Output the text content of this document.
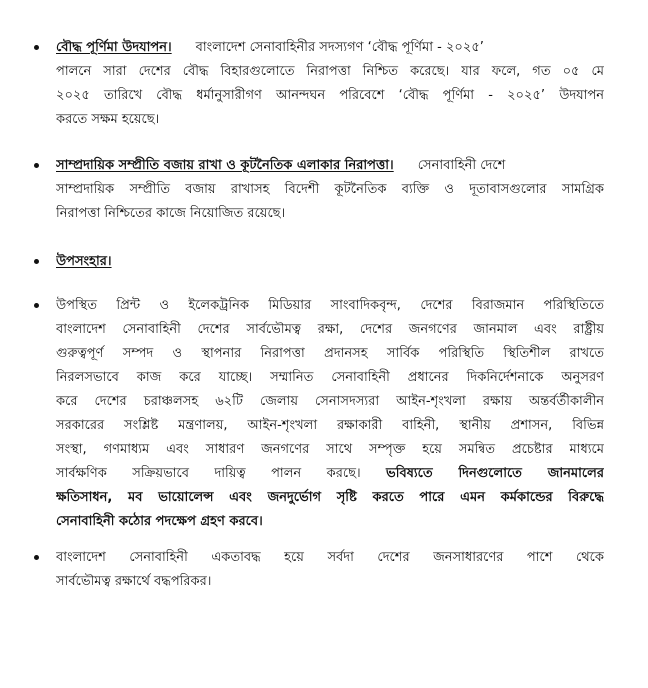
বৌদ্ধ পূর্ণিমা উদযাপন। বাংলাদেশ সেনাবাহিনীর সদস্যগণ ‘বৌদ্ধ পূর্ণিমা - ২০২৫’
পালনে সারা দেশের বৌদ্ধ বিহারগুলোতে নিরাপত্তা নিশ্চিত করেছে। যার ফলে, গত ০৫ মে
২০২৫ তারিখে বৌদ্ধ ধর্মানুসারীগণ আনন্দঘন পরিবেশে ‘বৌদ্ধ পূর্ণিমা - ২০২৫’ উদযাপন
করতে সক্ষম হয়েছে।
সাম্প্রদায়িক সম্প্রীতি বজায় রাখা ও কূটনৈতিক এলাকার নিরাপত্তা। সেনাবাহিনী দেশে
সাম্প্রদায়িক সম্প্রীতি বজায় রাখাসহ বিদেশী কূটনৈতিক ব্যক্তি ও দূতাবাসগুলোর সামগ্রিক
নিরাপত্তা নিশ্চিতের কাজে নিয়োজিত রয়েছে।
উপসংহার।
উপস্থিত প্রিন্ট ও ইলেকট্রনিক মিডিয়ার সাংবাদিকবৃন্দ, দেশের বিরাজমান পরিস্থিতিতে
বাংলাদেশ সেনাবাহিনী দেশের সার্বভৌমত্ব রক্ষা, দেশের জনগণের জানমাল এবং রাষ্ট্রীয়
গুরুত্বপূর্ণ সম্পদ ও স্থাপনার নিরাপত্তা প্রদানসহ সার্বিক পরিস্থিতি স্থিতিশীল রাখতে
নিরলসভাবে কাজ করে যাচ্ছে। সম্মানিত সেনাবাহিনী প্রধানের দিকনির্দেশনাকে অনুসরণ
করে দেশের চরাঞ্চলসহ ৬২টি জেলায় সেনাসদস্যরা আইন-শৃংখলা রক্ষায় অন্তর্বর্তীকালীন
সরকারের সংশ্লিষ্ট মন্ত্রণালয়, আইন-শৃংখলা রক্ষাকারী বাহিনী, স্থানীয় প্রশাসন, বিভিন্ন
সংস্থা, গণমাধ্যম এবং সাধারণ জনগণের সাথে সম্পৃক্ত হয়ে সমন্বিত প্রচেষ্টার মাধ্যমে
সার্বক্ষণিক সক্রিয়ভাবে দায়িত্ব পালন করছে। ভবিষ্যতে দিনগুলোতে জানমালের
ক্ষতিসাধন, মব ভায়োলেন্স এবং জনদুর্ভোগ সৃষ্টি করতে পারে এমন কর্মকান্ডের বিরুদ্ধে
সেনাবাহিনী কঠোর পদক্ষেপ গ্রহণ করবে।
বাংলাদেশ সেনাবাহিনী একতাবদ্ধ হয়ে সর্বদা দেশের জনসাধারণের পাশে থেকে
সার্বভৌমত্ব রক্ষার্থে বদ্ধপরিকর।
